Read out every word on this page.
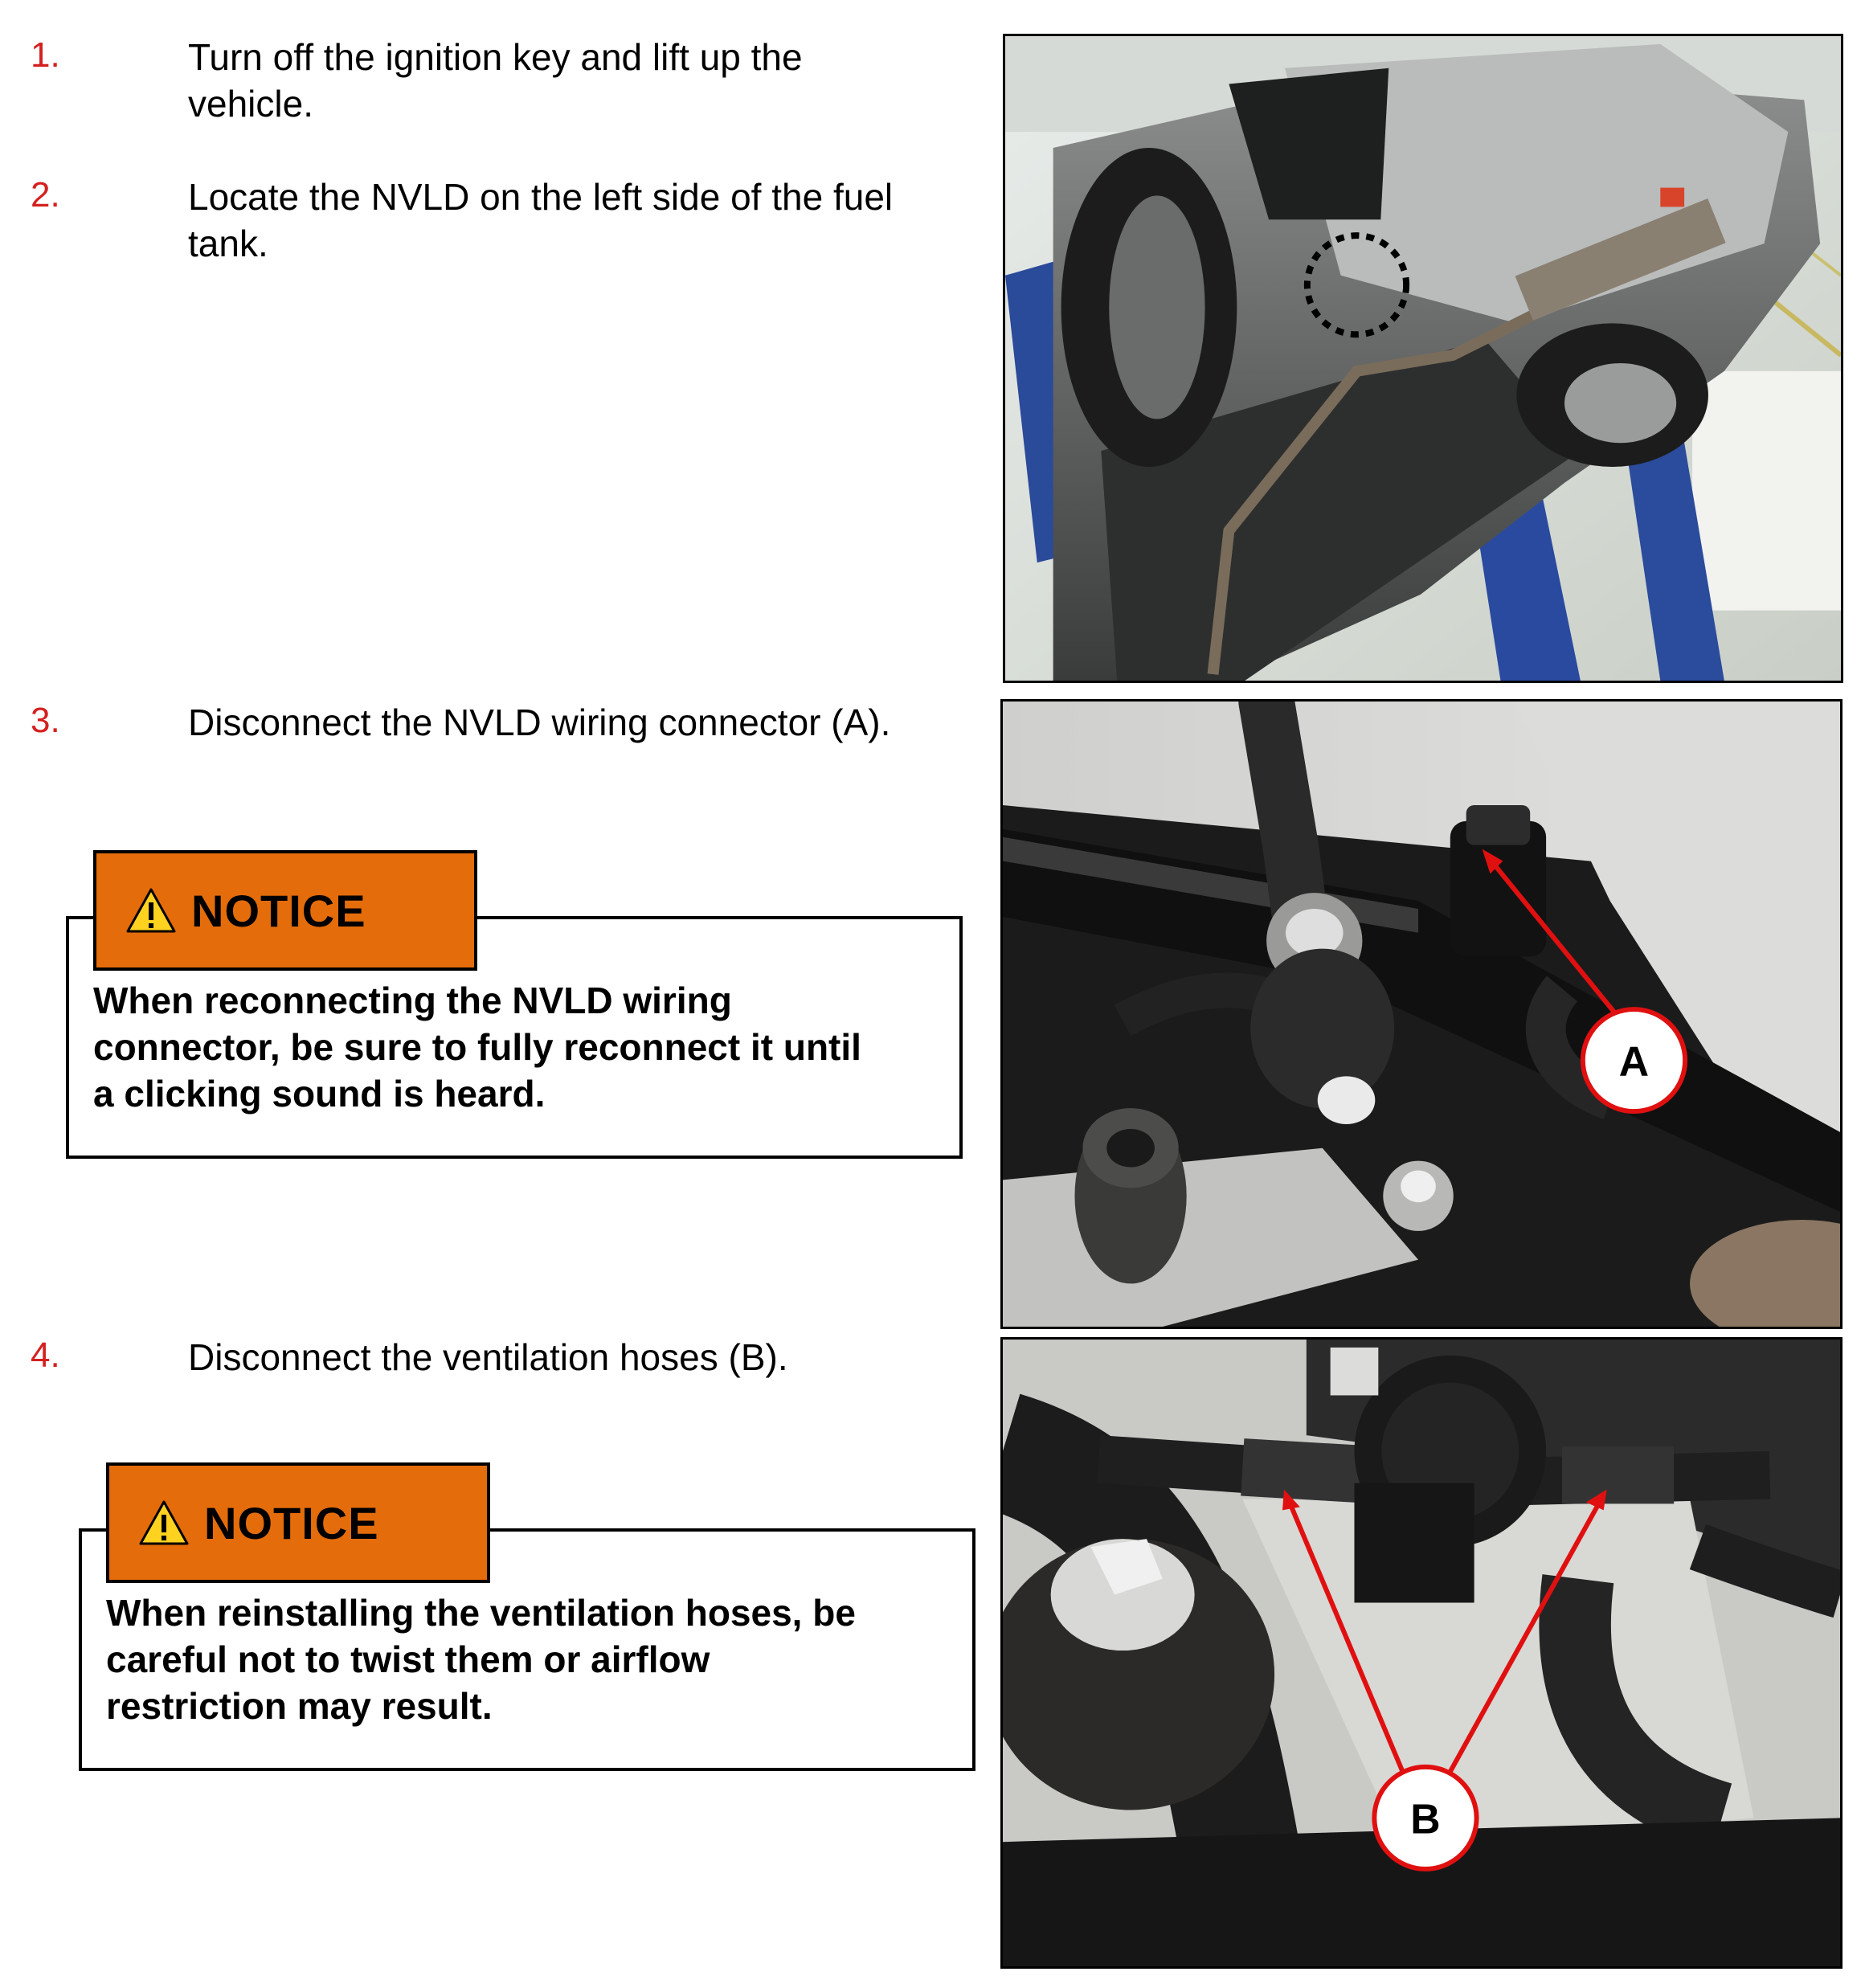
1.	Turn off the ignition key and lift up the
vehicle.
2.	Locate the NVLD on the left side of the fuel
tank.
3.	Disconnect the NVLD wiring connector (A).
NOTICE
When reconnecting the NVLD wiring
connector, be sure to fully reconnect it until
a clicking sound is heard.
4.	Disconnect the ventilation hoses (B).
NOTICE
When reinstalling the ventilation hoses, be
careful not to twist them or airflow
restriction may result.
A
B
